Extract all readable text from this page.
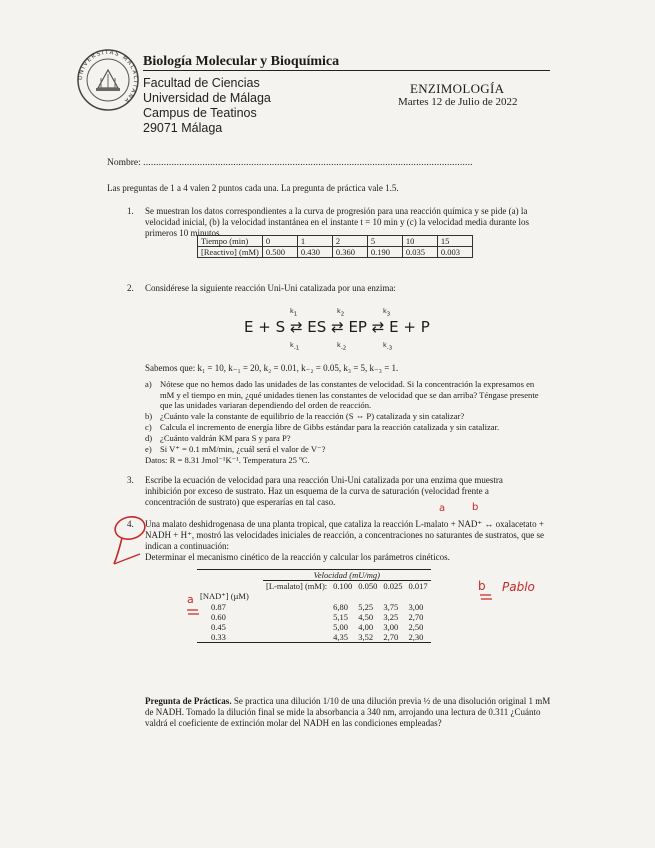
UNIVERSITAS MALACITANA
Biología Molecular y Bioquímica
Facultad de Ciencias
Universidad de Málaga
Campus de Teatinos
29071 Málaga
ENZIMOLOGÍA
Martes 12 de Julio de 2022
Nombre: ................................................................................................................................
Las preguntas de 1 a 4 valen 2 puntos cada una. La pregunta de práctica vale 1.5.
1. Se muestran los datos correspondientes a la curva de progresión para una reacción química y se pide (a) la velocidad inicial, (b) la velocidad instantánea en el instante t = 10 min y (c) la velocidad media durante los primeros 10 minutos.
Tiempo (min)	0	1	2	5	10	15
[Reactivo] (mM)	0.500	0.430	0.360	0.190	0.035	0.003
2. Considérese la siguiente reacción Uni-Uni catalizada por una enzima:
E + S ⇄ ES ⇄ EP ⇄ E + P
$k_1$
$k_{-1}$
$k_2$
$k_{-2}$
$k_3$
$k_{-3}$
Sabemos que: k₁ = 10, k₋₁ = 20, k₂ = 0.01, k₋₂ = 0.05, k₃ = 5, k₋₃ = 1.
a) Nótese que no hemos dado las unidades de las constantes de velocidad. Si la concentración la expresamos en mM y el tiempo en min, ¿qué unidades tienen las constantes de velocidad que se dan arriba? Téngase presente que las unidades variaran dependiendo del orden de reacción.
b) ¿Cuánto vale la constante de equilibrio de la reacción (S ⇔ P) catalizada y sin catalizar?
c) Calcula el incremento de energía libre de Gibbs estándar para la reacción catalizada y sin catalizar.
d) ¿Cuánto valdrán KM para S y para P?
e) Si V⁺ = 0.1 mM/min, ¿cuál será el valor de V⁻?
Datos: R = 8.31 Jmol⁻¹K⁻¹. Temperatura 25 ºC.
3. Escribe la ecuación de velocidad para una reacción Uni-Uni catalizada por una enzima que muestra inhibición por exceso de sustrato. Haz un esquema de la curva de saturación (velocidad frente a concentración de sustrato) que esperarías en tal caso.
4. Una malato deshidrogenasa de una planta tropical, que cataliza la reacción L-malato + NAD⁺ ↔ oxalacetato + NADH + H⁺, mostró las velocidades iniciales de reacción, a concentraciones no saturantes de sustratos, que se indican a continuación:
Determinar el mecanismo cinético de la reacción y calcular los parámetros cinéticos.
a	b
	Velocidad (mU/mg)				
	[L-malato] (mM):	0.100	0.050	0.025	0.017
[NAD⁺] (µM)					
0.87		6,80	5,25	3,75	3,00
0.60		5,15	4,50	3,25	2,70
0.45		5,00	4,00	3,00	2,50
0.33		4,35	3,52	2,70	2,30
a
b Pablo
Pregunta de Prácticas. Se practica una dilución 1/10 de una dilución previa ½ de una disolución original 1 mM de NADH. Tomado la dilución final se mide la absorbancia a 340 nm, arrojando una lectura de 0.311 ¿Cuánto valdrá el coeficiente de extinción molar del NADH en las condiciones empleadas?
